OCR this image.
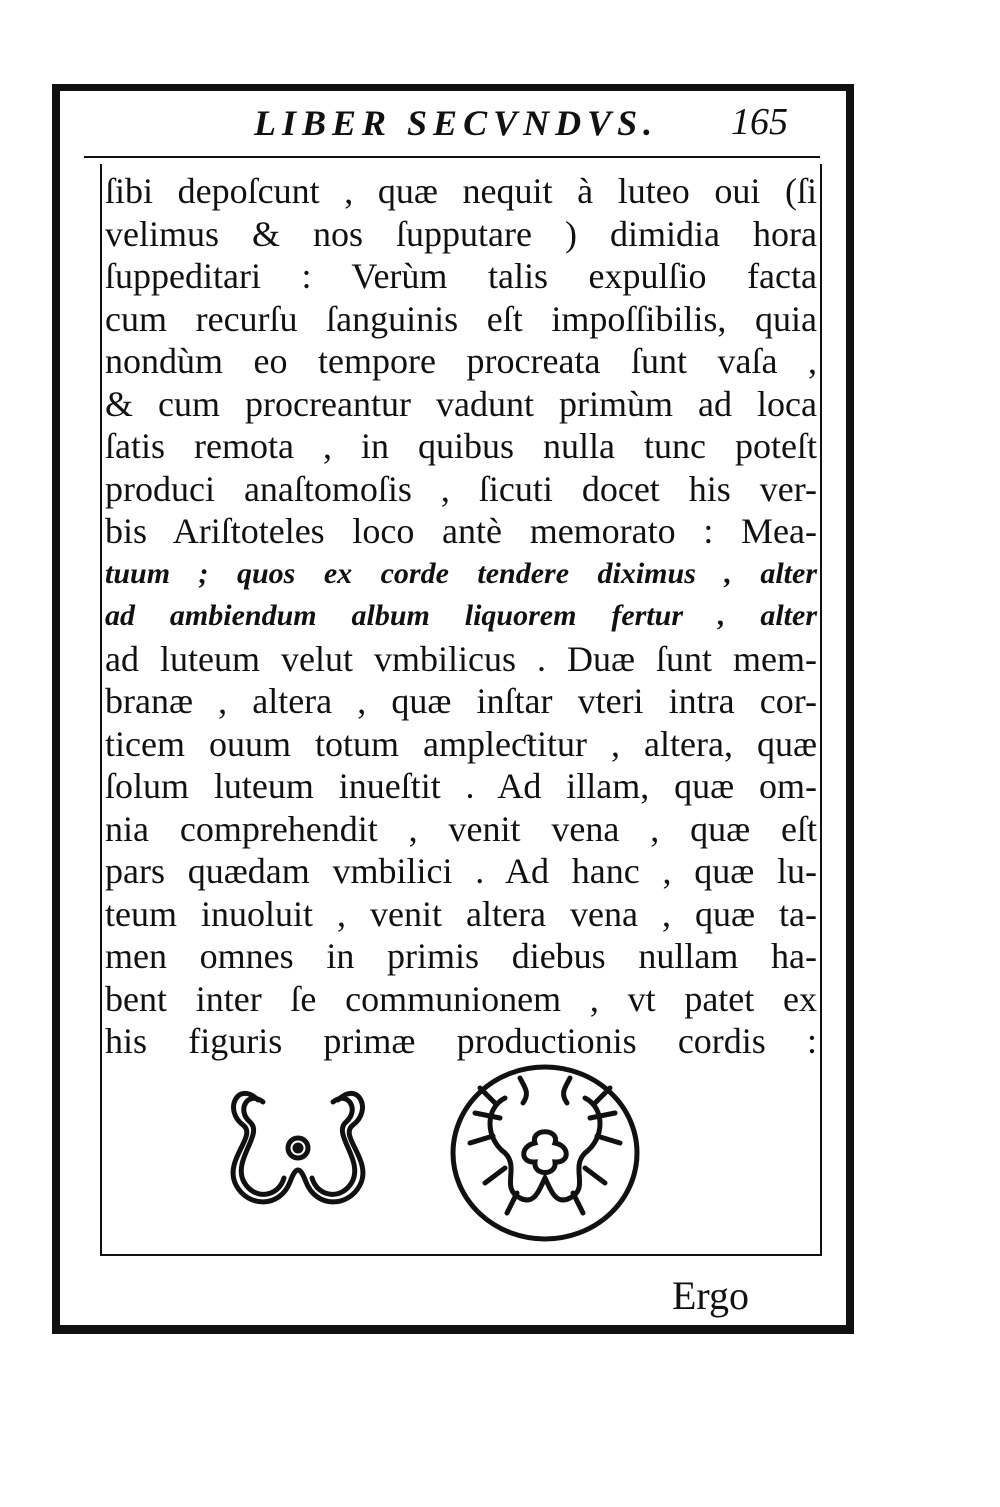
LIBER SECVNDVS. 165
ſibi depoſcunt , quæ nequit à luteo oui (ſi
velimus & nos ſupputare ) dimidia hora
ſuppeditari : Verùm talis expulſio facta
cum recurſu ſanguinis eſt impoſſibilis, quia
nondùm eo tempore procreata ſunt vaſa ,
& cum procreantur vadunt primùm ad loca
ſatis remota , in quibus nulla tunc poteſt
produci anaſtomoſis , ſicuti docet his ver-
bis Ariſtoteles loco antè memorato : Mea-
tuum ; quos ex corde tendere diximus , alter
ad ambiendum album liquorem fertur , alter
ad luteum velut vmbilicus . Duæ ſunt mem-
branæ , altera , quæ inſtar vteri intra cor-
ticem ouum totum ampleƈtitur , altera, quæ
ſolum luteum inueſtit . Ad illam, quæ om-
nia comprehendit , venit vena , quæ eſt
pars quædam vmbilici . Ad hanc , quæ lu-
teum inuoluit , venit altera vena , quæ ta-
men omnes in primis diebus nullam ha-
bent inter ſe communionem , vt patet ex
his figuris primæ productionis cordis :
Ergo
